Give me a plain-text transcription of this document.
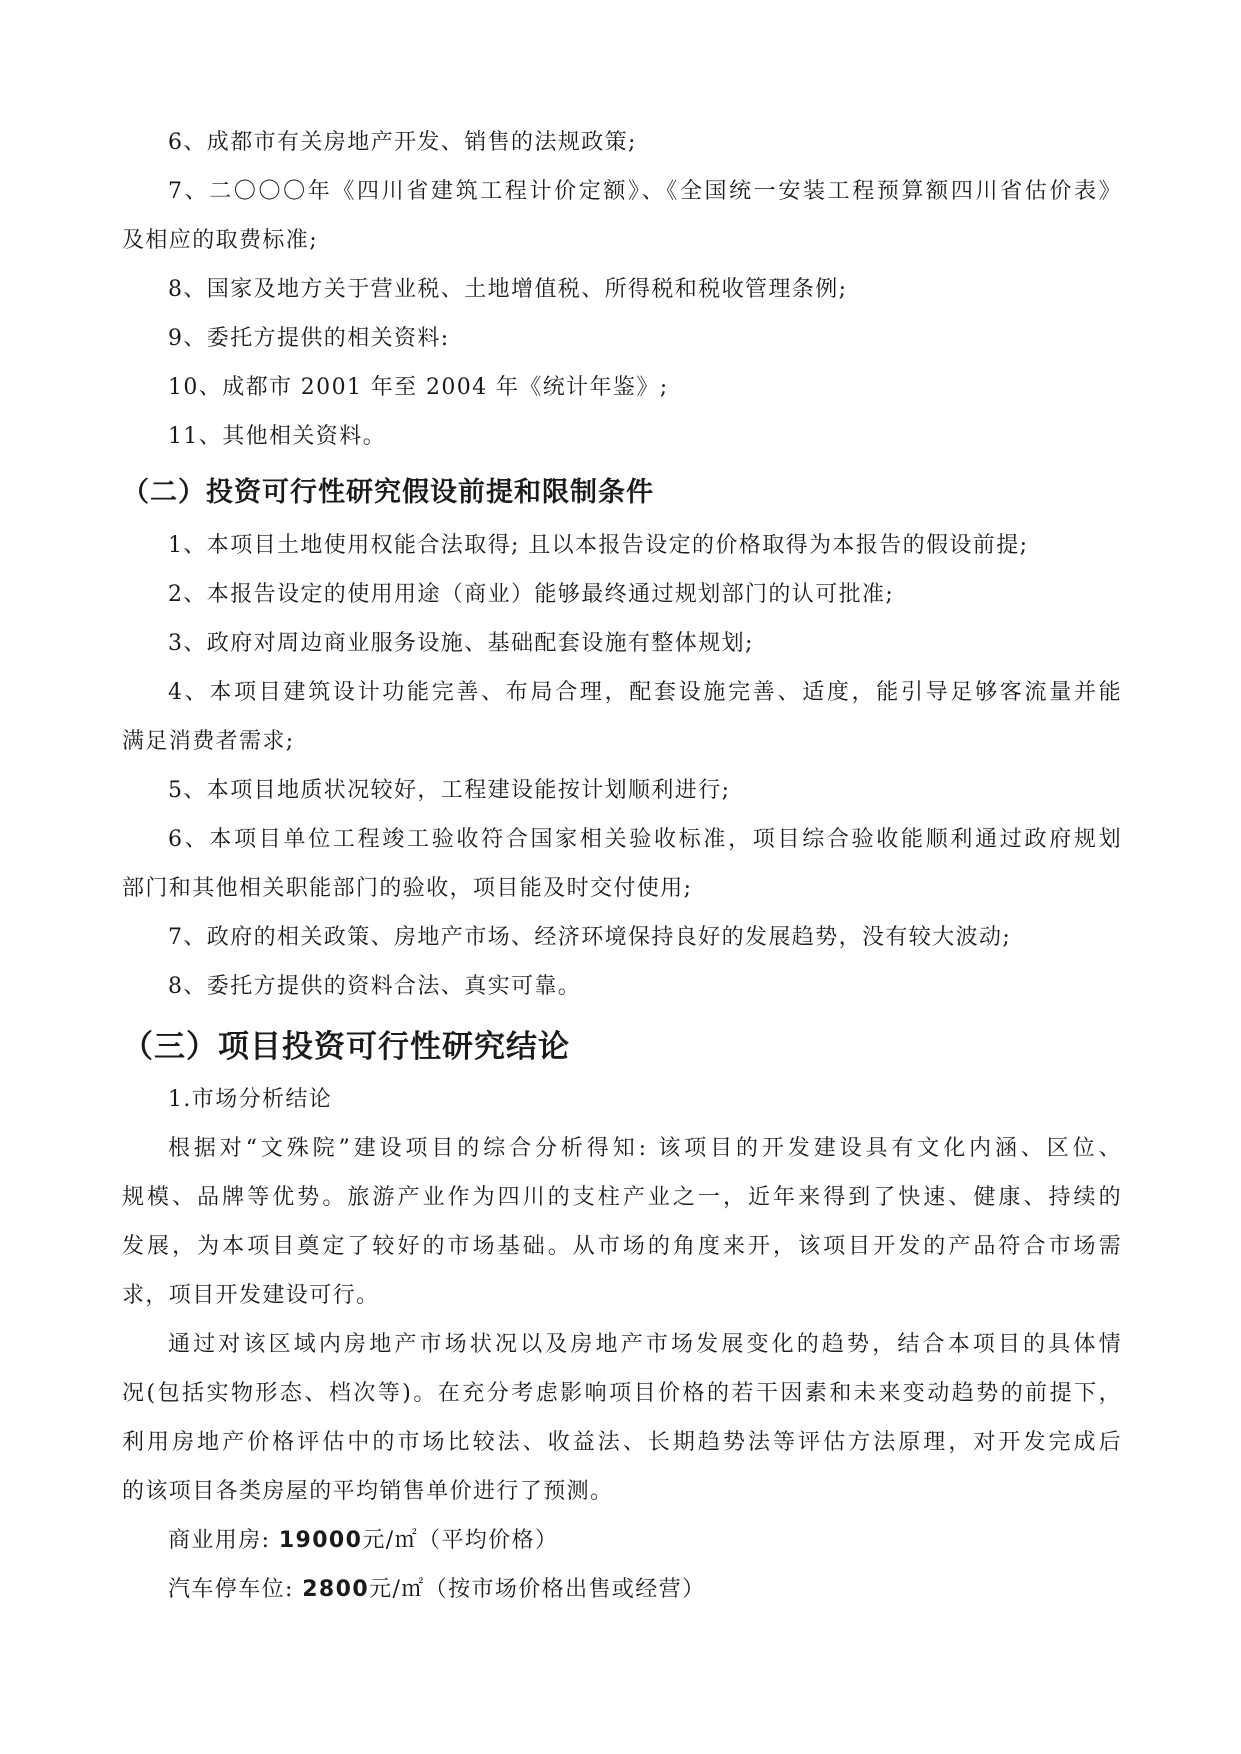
6、成都市有关房地产开发、销售的法规政策;

7、二〇〇〇年《四川省建筑工程计价定额》、《全国统一安装工程预算额四川省估价表》

及相应的取费标准;

8、国家及地方关于营业税、土地增值税、所得税和税收管理条例;

9、委托方提供的相关资料:

10、成都市 2001 年至 2004 年《统计年鉴》;

11、其他相关资料。

（二）投资可行性研究假设前提和限制条件

1、本项目土地使用权能合法取得; 且以本报告设定的价格取得为本报告的假设前提;

2、本报告设定的使用用途（商业）能够最终通过规划部门的认可批准;

3、政府对周边商业服务设施、基础配套设施有整体规划;

4、本项目建筑设计功能完善、布局合理，配套设施完善、适度，能引导足够客流量并能

满足消费者需求;

5、本项目地质状况较好，工程建设能按计划顺利进行;

6、本项目单位工程竣工验收符合国家相关验收标准，项目综合验收能顺利通过政府规划

部门和其他相关职能部门的验收，项目能及时交付使用;

7、政府的相关政策、房地产市场、经济环境保持良好的发展趋势，没有较大波动;

8、委托方提供的资料合法、真实可靠。

（三）项目投资可行性研究结论

1.市场分析结论

根据对“文殊院”建设项目的综合分析得知: 该项目的开发建设具有文化内涵、区位、

规模、品牌等优势。旅游产业作为四川的支柱产业之一，近年来得到了快速、健康、持续的

发展，为本项目奠定了较好的市场基础。从市场的角度来开，该项目开发的产品符合市场需

求，项目开发建设可行。

通过对该区域内房地产市场状况以及房地产市场发展变化的趋势，结合本项目的具体情

况(包括实物形态、档次等)。在充分考虑影响项目价格的若干因素和未来变动趋势的前提下，

利用房地产价格评估中的市场比较法、收益法、长期趋势法等评估方法原理，对开发完成后

的该项目各类房屋的平均销售单价进行了预测。

商业用房: 19000元/㎡（平均价格）

汽车停车位: 2800元/㎡（按市场价格出售或经营）
